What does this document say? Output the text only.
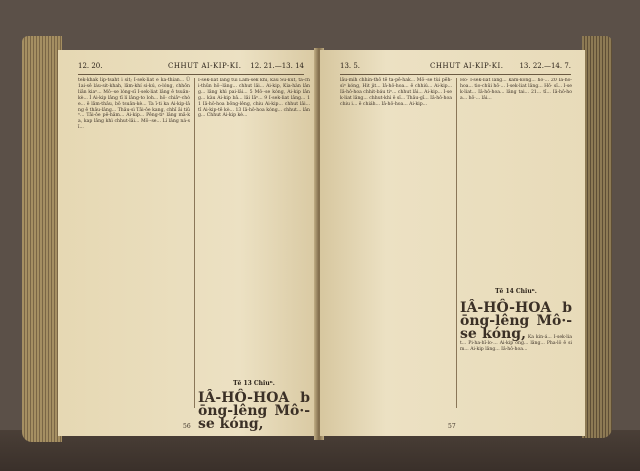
12. 20.	CHHUT AI-KIP-KI. 12. 21.—13. 14
tek-khak lip-tsaht i sit; I-sek-liat e ka-thian... Ū 1ai-sê láu-sit-khah, lām-khí si-kú, o-lóng, chhōn liān kiaⁿ... Mô·-se lóng-sī I-sek-liat lâng ê tsuân-kè... Í Ai-kip lâng tī lí lâng-to loh... hō· chiâⁿ-chòe... ê lām-thâu, bô tsuân-kè... Ta ī-ti ka Ai-kip-lâng ê thâu-lâng... Thâu-sì Tāi-ôe kang, chhī āi tiūⁿ... Tāi-ôe pē-hâm... Ai-kip... Pêng-tiⁿ lâng mā-ka, kap lâng khì chhut-lâi... Mô·-se... Lí lâng ná-sī...
I-sek-liat lâng tùi Lâm-sek khì, kàu Sū-kut, ta-chi-thûn hō·-lâng... chhut lâi... Ai-kip, Kia-hàn lâng... lâng khì pai-lâi... 5 Mô·-se kóng, Ai-kip lâng... kàu Ai-kip bâ... lâi Iâⁿ... 9 I-sek-liat lâng... 11 Iâ-hô-hoa bōng-lêng, chiu Ai-kip... chhut lâi... tī Ai-kip-tē kè... 13 Iâ-hô-hoa kóng... chhut... lâng... Chhut Ai-kip kè...
Tē 13 Chiuⁿ.
IÂ-HÔ-HOA bōng-lêng Mô·-se kóng,
56
13. 5.	CHHUT AI-KIP-KI. 13. 22.—14. 7.
lâu-mih chhin-thô tē ta-pē-hak... Mô·-se tùi pēh-sìⁿ kóng, Hit jit... Iâ-hô-hoa... ê chhiú... Ai-kip... Iâ-hô-hoa chhit-báu tiⁿ... chhut lâi... Ai-kip... I-sek-liat lâng... chhut-khì ê sî... Thâu-gī... Iâ-hô-hoa chiu i... ê chiáh... Iâ-hô-hoa... Ai-kip...
Hō· I-sek-liat lâng... kám-kóng... hō·... 20 Iâ-hô-hoa... tio-chûi hō·... I-sek-liat lâng... Hō· sî... I-sek-liat... Iâ-hô-hoa... lâng tai... 21... tī... Iâ-hô-hoa... hō·... lâi...
Tē 14 Chiuⁿ.
IÂ-HÔ-HOA bōng-lêng Mô·-se kóng, Ka kin-á... I-sek-liat... Pi-ha-hī-lo·... Ai-kip ông... lâng... Pha-lô ê sim... Ai-kip lâng... Iâ-hô-hoa...
57
